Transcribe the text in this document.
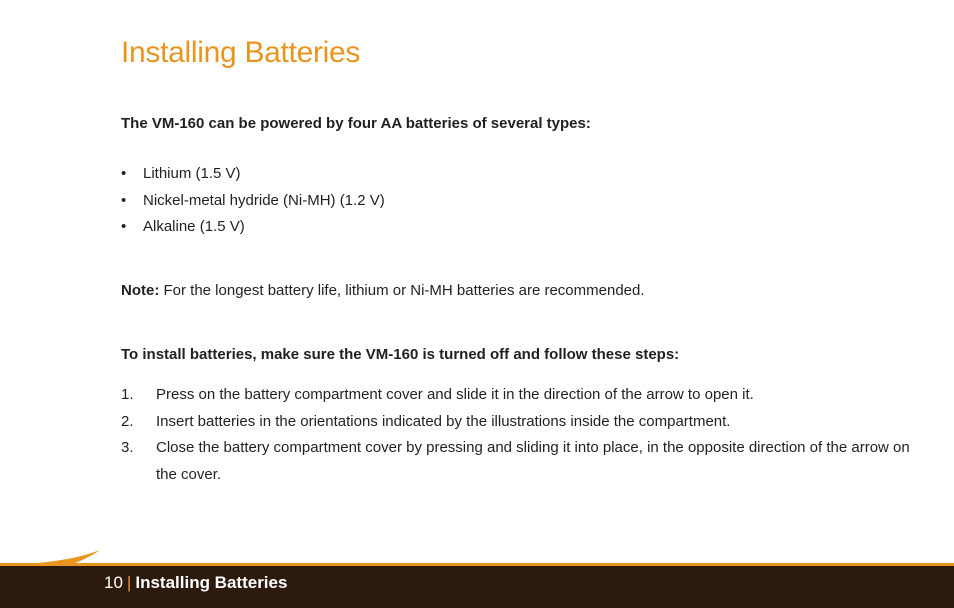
Installing Batteries
The VM-160 can be powered by four AA batteries of several types:
• Lithium (1.5 V)
• Nickel-metal hydride (Ni-MH) (1.2 V)
• Alkaline (1.5 V)
Note: For the longest battery life, lithium or Ni-MH batteries are recommended.
To install batteries, make sure the VM-160 is turned off and follow these steps:
1.	Press on the battery compartment cover and slide it in the direction of the arrow to open it.
2.	Insert batteries in the orientations indicated by the illustrations inside the compartment.
3.	Close the battery compartment cover by pressing and sliding it into place, in the opposite direction of the arrow on the cover.
10 | Installing Batteries
